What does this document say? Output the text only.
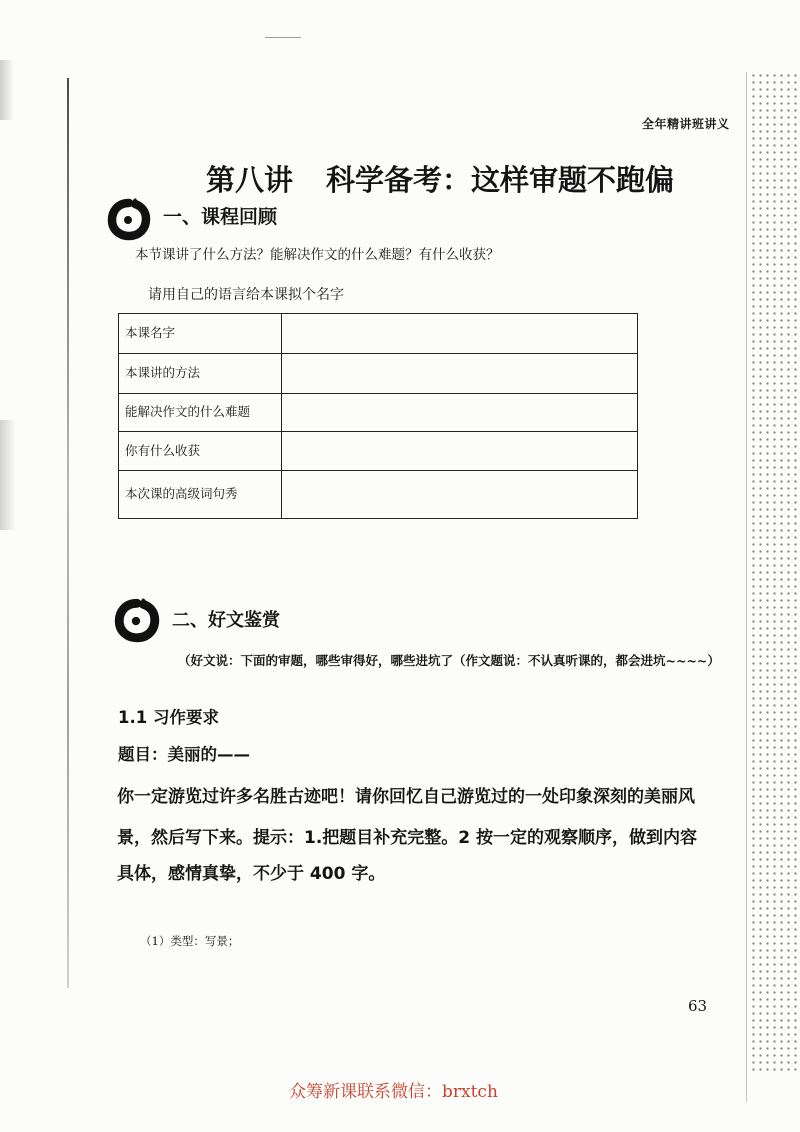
全年精讲班讲义
第八讲 科学备考：这样审题不跑偏
一、课程回顾
本节课讲了什么方法？能解决作文的什么难题？有什么收获？
请用自己的语言给本课拟个名字
本课名字	
本课讲的方法	
能解决作文的什么难题	
你有什么收获	
本次课的高级词句秀	
二、好文鉴赏
（好文说：下面的审题，哪些审得好，哪些进坑了（作文题说：不认真听课的，都会进坑~~~~）
1.1 习作要求
题目：美丽的——
你一定游览过许多名胜古迹吧！请你回忆自己游览过的一处印象深刻的美丽风
景，然后写下来。提示：1.把题目补充完整。2 按一定的观察顺序，做到内容
具体，感情真挚，不少于 400 字。
（1）类型：写景；
63
众筹新课联系微信：brxtch
